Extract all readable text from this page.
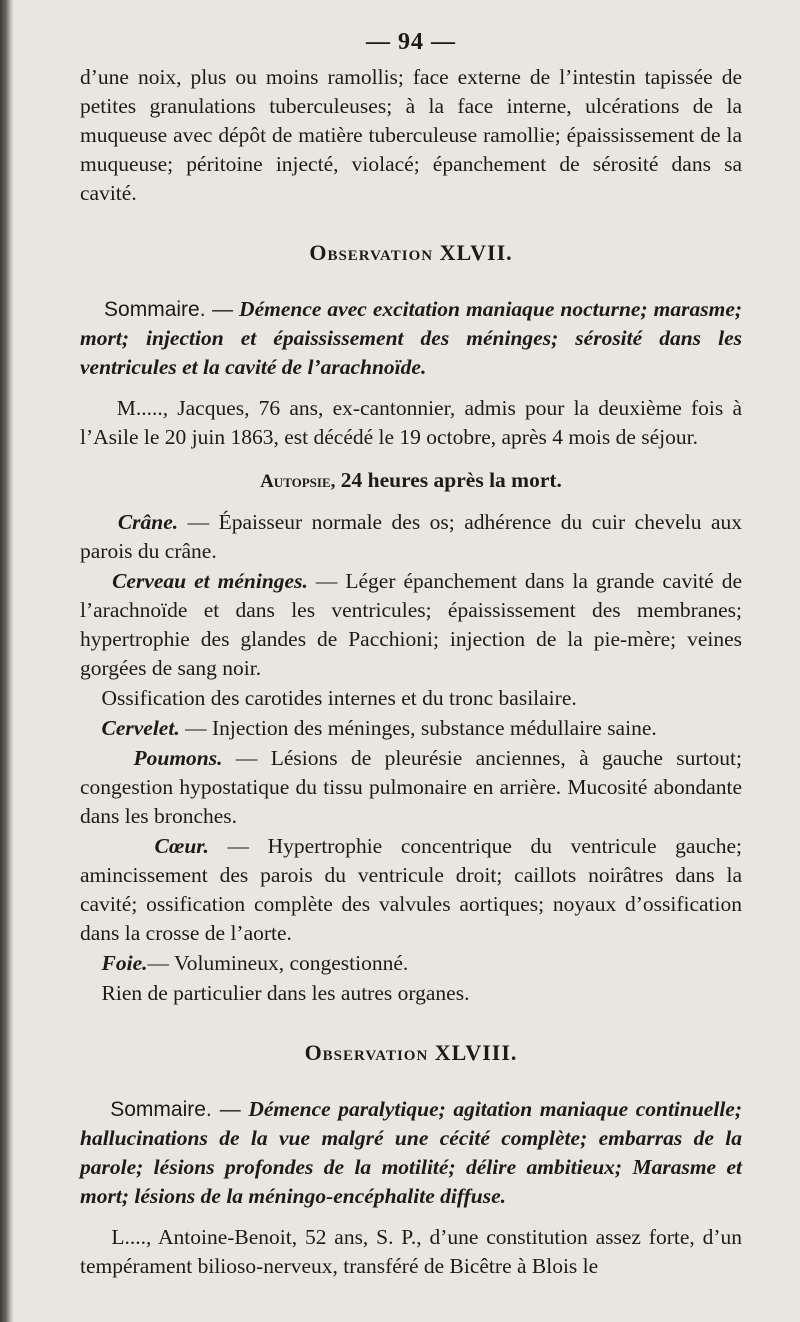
— 94 —

d’une noix, plus ou moins ramollis; face externe de l’intestin tapissée de petites granulations tuberculeuses; à la face interne, ulcérations de la muqueuse avec dépôt de matière tuberculeuse ramollie; épaississement de la muqueuse; péritoine injecté, violacé; épanchement de sérosité dans sa cavité.

Observation XLVII.

Sommaire. — Démence avec excitation maniaque nocturne; marasme; mort; injection et épaississement des méninges; sérosité dans les ventricules et la cavité de l’arachnoïde.

M....., Jacques, 76 ans, ex-cantonnier, admis pour la deuxième fois à l’Asile le 20 juin 1863, est décédé le 19 octobre, après 4 mois de séjour.

Autopsie, 24 heures après la mort.

Crâne. — Épaisseur normale des os; adhérence du cuir chevelu aux parois du crâne.

Cerveau et méninges. — Léger épanchement dans la grande cavité de l’arachnoïde et dans les ventricules; épaississement des membranes; hypertrophie des glandes de Pacchioni; injection de la pie-mère; veines gorgées de sang noir.

Ossification des carotides internes et du tronc basilaire.

Cervelet. — Injection des méninges, substance médullaire saine.

Poumons. — Lésions de pleurésie anciennes, à gauche surtout; congestion hypostatique du tissu pulmonaire en arrière. Mucosité abondante dans les bronches.

Cœur. — Hypertrophie concentrique du ventricule gauche; amincissement des parois du ventricule droit; caillots noirâtres dans la cavité; ossification complète des valvules aortiques; noyaux d’ossification dans la crosse de l’aorte.

Foie.— Volumineux, congestionné.

Rien de particulier dans les autres organes.

Observation XLVIII.

Sommaire. — Démence paralytique; agitation maniaque continuelle; hallucinations de la vue malgré une cécité complète; embarras de la parole; lésions profondes de la motilité; délire ambitieux; Marasme et mort; lésions de la méningo-encéphalite diffuse.

L...., Antoine-Benoit, 52 ans, S. P., d’une constitution assez forte, d’un tempérament bilioso-nerveux, transféré de Bicêtre à Blois le
